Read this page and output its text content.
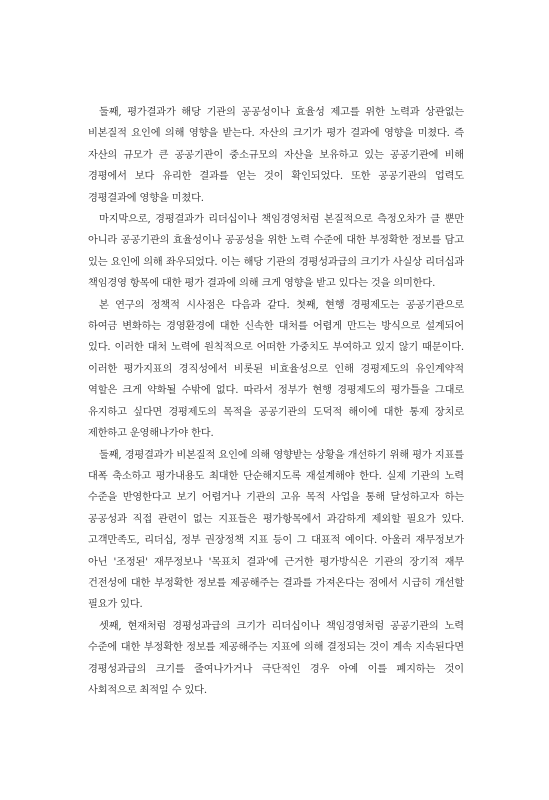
둘째, 평가결과가 해당 기관의 공공성이나 효율성 제고를 위한 노력과 상관없는 비본질적 요인에 의해 영향을 받는다. 자산의 크기가 평가 결과에 영향을 미쳤다. 즉 자산의 규모가 큰 공공기관이 중소규모의 자산을 보유하고 있는 공공기관에 비해 경평에서 보다 유리한 결과를 얻는 것이 확인되었다. 또한 공공기관의 업력도 경평결과에 영향을 미쳤다.

마지막으로, 경평결과가 리더십이나 책임경영처럼 본질적으로 측정오차가 클 뿐만 아니라 공공기관의 효율성이나 공공성을 위한 노력 수준에 대한 부정확한 정보를 담고 있는 요인에 의해 좌우되었다. 이는 해당 기관의 경평성과급의 크기가 사실상 리더십과 책임경영 항목에 대한 평가 결과에 의해 크게 영향을 받고 있다는 것을 의미한다.

본 연구의 정책적 시사점은 다음과 같다. 첫째, 현행 경평제도는 공공기관으로 하여금 변화하는 경영환경에 대한 신속한 대처를 어렵게 만드는 방식으로 설계되어 있다. 이러한 대처 노력에 원칙적으로 어떠한 가중치도 부여하고 있지 않기 때문이다. 이러한 평가지표의 경직성에서 비롯된 비효율성으로 인해 경평제도의 유인계약적 역할은 크게 약화될 수밖에 없다. 따라서 정부가 현행 경평제도의 평가틀을 그대로 유지하고 싶다면 경평제도의 목적을 공공기관의 도덕적 해이에 대한 통제 장치로 제한하고 운영해나가야 한다.

둘째, 경평결과가 비본질적 요인에 의해 영향받는 상황을 개선하기 위해 평가 지표를 대폭 축소하고 평가내용도 최대한 단순해지도록 재설계해야 한다. 실제 기관의 노력 수준을 반영한다고 보기 어렵거나 기관의 고유 목적 사업을 통해 달성하고자 하는 공공성과 직접 관련이 없는 지표들은 평가항목에서 과감하게 제외할 필요가 있다. 고객만족도, 리더십, 정부 권장정책 지표 등이 그 대표적 예이다. 아울러 재무정보가 아닌 '조정된' 재무정보나 '목표치 결과'에 근거한 평가방식은 기관의 장기적 재무 건전성에 대한 부정확한 정보를 제공해주는 결과를 가져온다는 점에서 시급히 개선할 필요가 있다.

셋째, 현재처럼 경평성과급의 크기가 리더십이나 책임경영처럼 공공기관의 노력 수준에 대한 부정확한 정보를 제공해주는 지표에 의해 결정되는 것이 계속 지속된다면 경평성과급의 크기를 줄여나가거나 극단적인 경우 아예 이를 폐지하는 것이 사회적으로 최적일 수 있다.
